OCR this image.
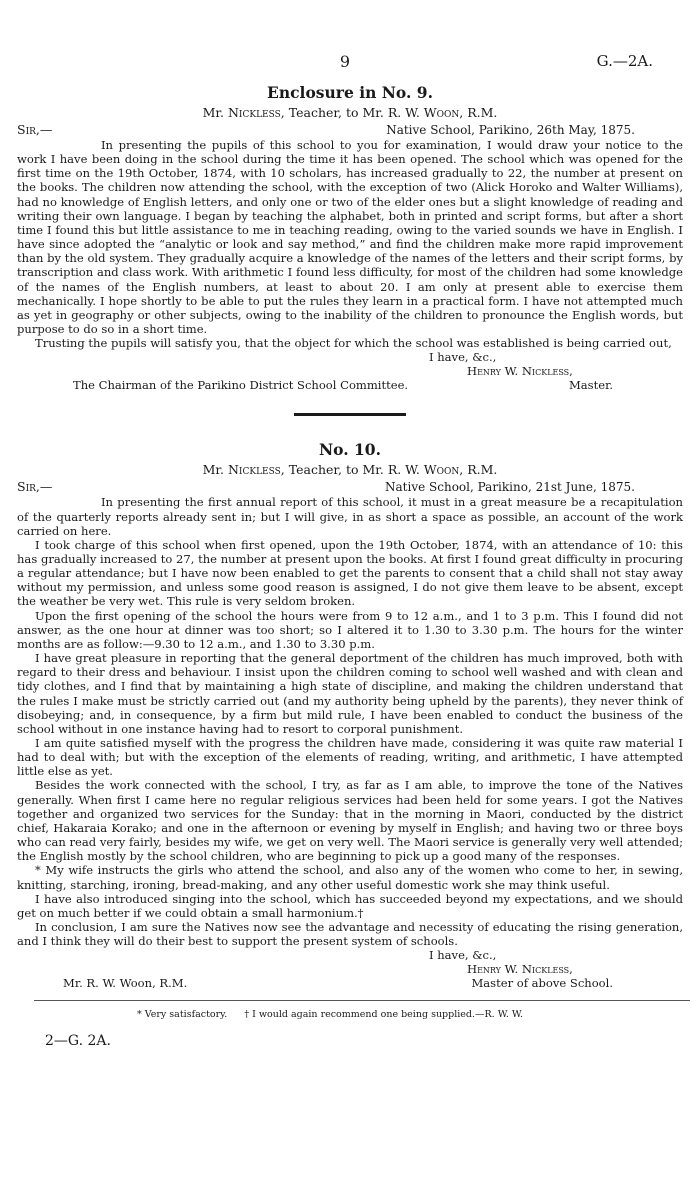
9	G.—2A.
Enclosure in No. 9.
Mr. Nickless, Teacher, to Mr. R. W. Woon, R.M.
Sir,—	Native School, Parikino, 26th May, 1875.

In presenting the pupils of this school to you for examination, I would draw your notice to the work I have been doing in the school during the time it has been opened. The school which was opened for the first time on the 19th October, 1874, with 10 scholars, has increased gradually to 22, the number at present on the books. The children now attending the school, with the exception of two (Alick Horoko and Walter Williams), had no knowledge of English letters, and only one or two of the elder ones but a slight knowledge of reading and writing their own language. I began by teaching the alphabet, both in printed and script forms, but after a short time I found this but little assistance to me in teaching reading, owing to the varied sounds we have in English. I have since adopted the “analytic or look and say method,” and find the children make more rapid improvement than by the old system. They gradually acquire a knowledge of the names of the letters and their script forms, by transcription and class work. With arithmetic I found less difficulty, for most of the children had some knowledge of the names of the English numbers, at least to about 20. I am only at present able to exercise them mechanically. I hope shortly to be able to put the rules they learn in a practical form. I have not attempted much as yet in geography or other subjects, owing to the inability of the children to pronounce the English words, but purpose to do so in a short time.

Trusting the pupils will satisfy you, that the object for which the school was established is being carried out,

I have, &c.,
Henry W. Nickless,
The Chairman of the Parikino District School Committee.	Master.
No. 10.
Mr. Nickless, Teacher, to Mr. R. W. Woon, R.M.
Sir,—	Native School, Parikino, 21st June, 1875.

In presenting the first annual report of this school, it must in a great measure be a recapitulation of the quarterly reports already sent in; but I will give, in as short a space as possible, an account of the work carried on here.

I took charge of this school when first opened, upon the 19th October, 1874, with an attendance of 10: this has gradually increased to 27, the number at present upon the books. At first I found great difficulty in procuring a regular attendance; but I have now been enabled to get the parents to consent that a child shall not stay away without my permission, and unless some good reason is assigned, I do not give them leave to be absent, except the weather be very wet. This rule is very seldom broken.

Upon the first opening of the school the hours were from 9 to 12 a.m., and 1 to 3 p.m. This I found did not answer, as the one hour at dinner was too short; so I altered it to 1.30 to 3.30 p.m. The hours for the winter months are as follow:—9.30 to 12 a.m., and 1.30 to 3.30 p.m.

I have great pleasure in reporting that the general deportment of the children has much improved, both with regard to their dress and behaviour. I insist upon the children coming to school well washed and with clean and tidy clothes, and I find that by maintaining a high state of discipline, and making the children understand that the rules I make must be strictly carried out (and my authority being upheld by the parents), they never think of disobeying; and, in consequence, by a firm but mild rule, I have been enabled to conduct the business of the school without in one instance having had to resort to corporal punishment.

I am quite satisfied myself with the progress the children have made, considering it was quite raw material I had to deal with; but with the exception of the elements of reading, writing, and arithmetic, I have attempted little else as yet.

Besides the work connected with the school, I try, as far as I am able, to improve the tone of the Natives generally. When first I came here no regular religious services had been held for some years. I got the Natives together and organized two services for the Sunday: that in the morning in Maori, conducted by the district chief, Hakaraia Korako; and one in the afternoon or evening by myself in English; and having two or three boys who can read very fairly, besides my wife, we get on very well. The Maori service is generally very well attended; the English mostly by the school children, who are beginning to pick up a good many of the responses.

* My wife instructs the girls who attend the school, and also any of the women who come to her, in sewing, knitting, starching, ironing, bread-making, and any other useful domestic work she may think useful.

I have also introduced singing into the school, which has succeeded beyond my expectations, and we should get on much better if we could obtain a small harmonium.†

In conclusion, I am sure the Natives now see the advantage and necessity of educating the rising generation, and I think they will do their best to support the present system of schools.

I have, &c.,
Henry W. Nickless,
Mr. R. W. Woon, R.M.	Master of above School.
* Very satisfactory. † I would again recommend one being supplied.—R. W. W.
2—G. 2A.
